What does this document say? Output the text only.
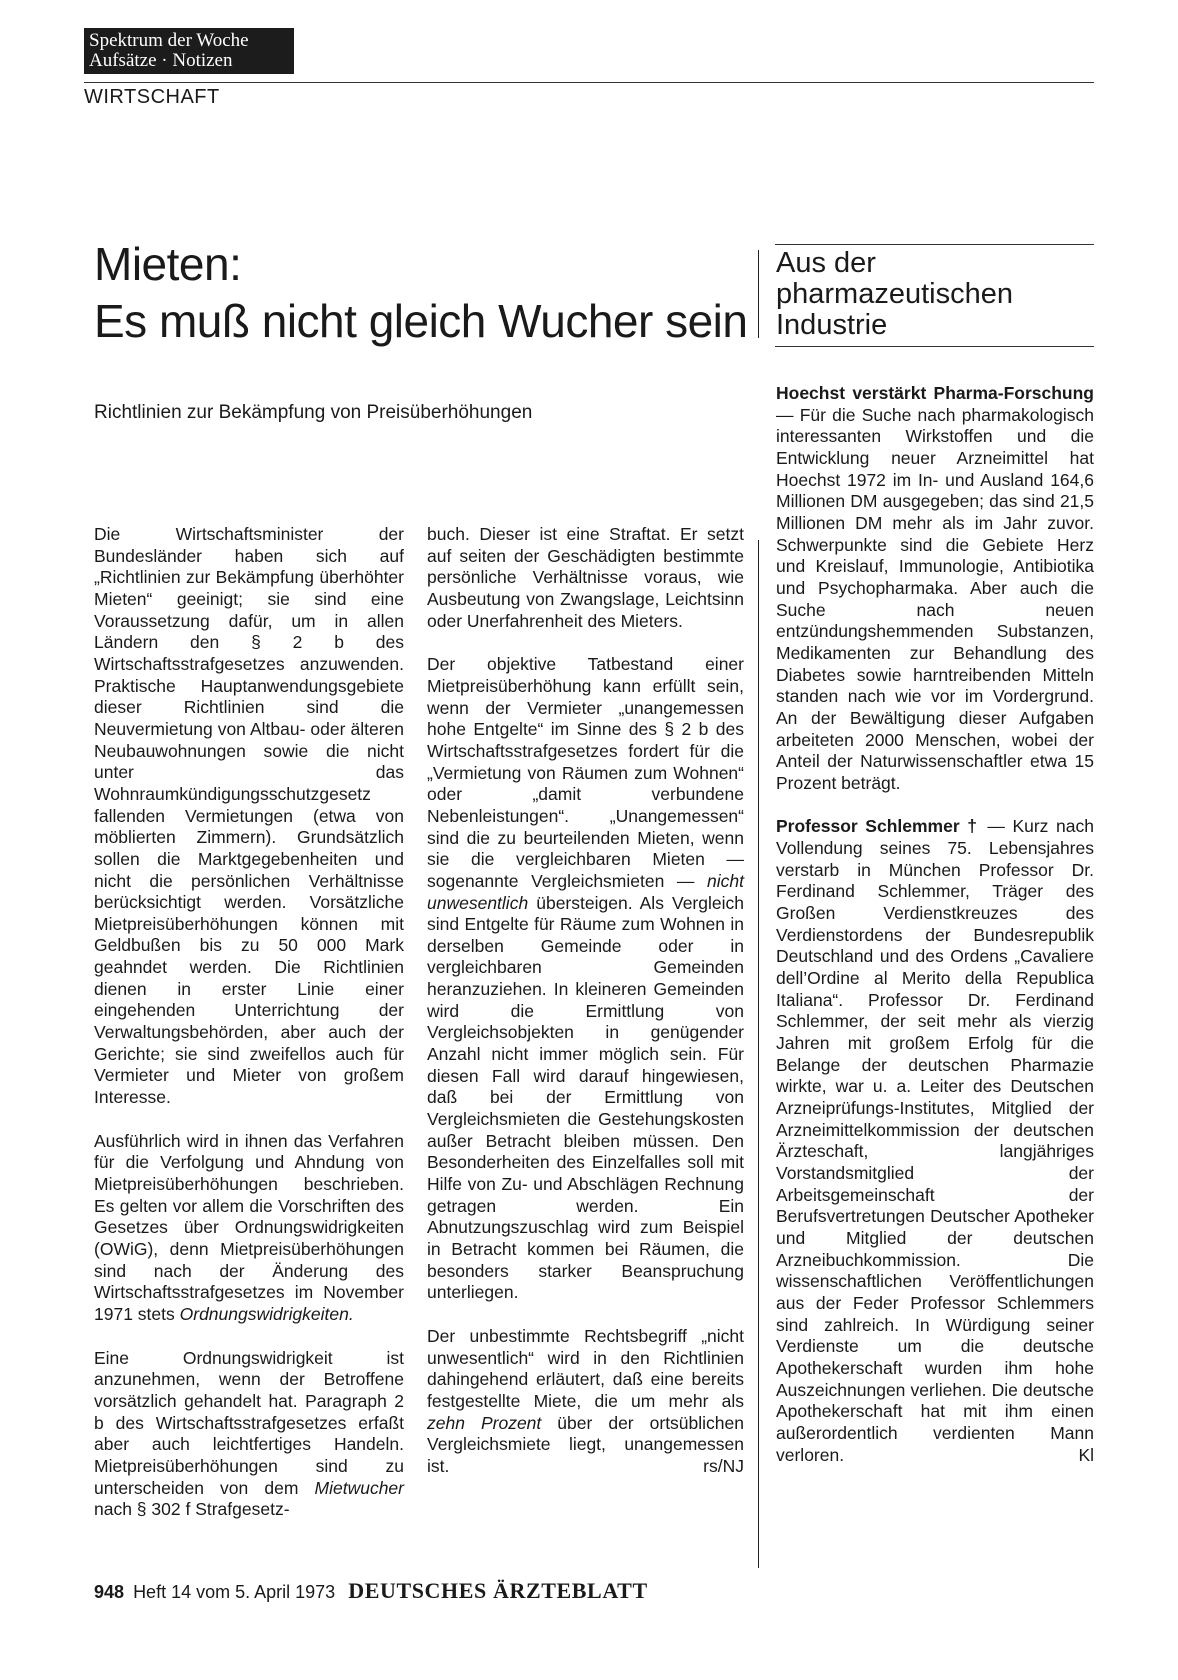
Spektrum der Woche
Aufsätze · Notizen
WIRTSCHAFT
Mieten:
Es muß nicht gleich Wucher sein
Richtlinien zur Bekämpfung von Preisüberhöhungen
Aus der
pharmazeutischen
Industrie

Die Wirtschaftsminister der Bundesländer haben sich auf „Richtlinien zur Bekämpfung überhöhter Mieten“ geeinigt; sie sind eine Voraussetzung dafür, um in allen Ländern den § 2 b des Wirtschaftsstrafgesetzes anzuwenden. Praktische Hauptanwendungsgebiete dieser Richtlinien sind die Neuvermietung von Altbau- oder älteren Neubauwohnungen sowie die nicht unter das Wohnraumkündigungsschutzgesetz fallenden Vermietungen (etwa von möblierten Zimmern). Grundsätzlich sollen die Marktgegebenheiten und nicht die persönlichen Verhältnisse berücksichtigt werden. Vorsätzliche Mietpreisüberhöhungen können mit Geldbußen bis zu 50 000 Mark geahndet werden. Die Richtlinien dienen in erster Linie einer eingehenden Unterrichtung der Verwaltungsbehörden, aber auch der Gerichte; sie sind zweifellos auch für Vermieter und Mieter von großem Interesse.

Ausführlich wird in ihnen das Verfahren für die Verfolgung und Ahndung von Mietpreisüberhöhungen beschrieben. Es gelten vor allem die Vorschriften des Gesetzes über Ordnungswidrigkeiten (OWiG), denn Mietpreisüberhöhungen sind nach der Änderung des Wirtschaftsstrafgesetzes im November 1971 stets Ordnungswidrigkeiten.

Eine Ordnungswidrigkeit ist anzunehmen, wenn der Betroffene vorsätzlich gehandelt hat. Paragraph 2 b des Wirtschaftsstrafgesetzes erfaßt aber auch leichtfertiges Handeln. Mietpreisüberhöhungen sind zu unterscheiden von dem Mietwucher nach § 302 f Strafgesetz-

buch. Dieser ist eine Straftat. Er setzt auf seiten der Geschädigten bestimmte persönliche Verhältnisse voraus, wie Ausbeutung von Zwangslage, Leichtsinn oder Unerfahrenheit des Mieters.

Der objektive Tatbestand einer Mietpreisüberhöhung kann erfüllt sein, wenn der Vermieter „unangemessen hohe Entgelte“ im Sinne des § 2 b des Wirtschaftsstrafgesetzes fordert für die „Vermietung von Räumen zum Wohnen“ oder „damit verbundene Nebenleistungen“. „Unangemessen“ sind die zu beurteilenden Mieten, wenn sie die vergleichbaren Mieten — sogenannte Vergleichsmieten — nicht unwesentlich übersteigen. Als Vergleich sind Entgelte für Räume zum Wohnen in derselben Gemeinde oder in vergleichbaren Gemeinden heranzuziehen. In kleineren Gemeinden wird die Ermittlung von Vergleichsobjekten in genügender Anzahl nicht immer möglich sein. Für diesen Fall wird darauf hingewiesen, daß bei der Ermittlung von Vergleichsmieten die Gestehungskosten außer Betracht bleiben müssen. Den Besonderheiten des Einzelfalles soll mit Hilfe von Zu- und Abschlägen Rechnung getragen werden. Ein Abnutzungszuschlag wird zum Beispiel in Betracht kommen bei Räumen, die besonders starker Beanspruchung unterliegen.

Der unbestimmte Rechtsbegriff „nicht unwesentlich“ wird in den Richtlinien dahingehend erläutert, daß eine bereits festgestellte Miete, die um mehr als zehn Prozent über der ortsüblichen Vergleichsmiete liegt, unangemessen ist.	rs/NJ

Hoechst verstärkt Pharma-Forschung — Für die Suche nach pharmakologisch interessanten Wirkstoffen und die Entwicklung neuer Arzneimittel hat Hoechst 1972 im In- und Ausland 164,6 Millionen DM ausgegeben; das sind 21,5 Millionen DM mehr als im Jahr zuvor. Schwerpunkte sind die Gebiete Herz und Kreislauf, Immunologie, Antibiotika und Psychopharmaka. Aber auch die Suche nach neuen entzündungshemmenden Substanzen, Medikamenten zur Behandlung des Diabetes sowie harntreibenden Mitteln standen nach wie vor im Vordergrund. An der Bewältigung dieser Aufgaben arbeiteten 2000 Menschen, wobei der Anteil der Naturwissenschaftler etwa 15 Prozent beträgt.

Professor Schlemmer † — Kurz nach Vollendung seines 75. Lebensjahres verstarb in München Professor Dr. Ferdinand Schlemmer, Träger des Großen Verdienstkreuzes des Verdienstordens der Bundesrepublik Deutschland und des Ordens „Cavaliere dell’Ordine al Merito della Republica Italiana“. Professor Dr. Ferdinand Schlemmer, der seit mehr als vierzig Jahren mit großem Erfolg für die Belange der deutschen Pharmazie wirkte, war u. a. Leiter des Deutschen Arzneiprüfungs-Institutes, Mitglied der Arzneimittelkommission der deutschen Ärzteschaft, langjähriges Vorstandsmitglied der Arbeitsgemeinschaft der Berufsvertretungen Deutscher Apotheker und Mitglied der deutschen Arzneibuchkommission. Die wissenschaftlichen Veröffentlichungen aus der Feder Professor Schlemmers sind zahlreich. In Würdigung seiner Verdienste um die deutsche Apothekerschaft wurden ihm hohe Auszeichnungen verliehen. Die deutsche Apothekerschaft hat mit ihm einen außerordentlich verdienten Mann verloren.	Kl

948 Heft 14 vom 5. April 1973 DEUTSCHES ÄRZTEBLATT
